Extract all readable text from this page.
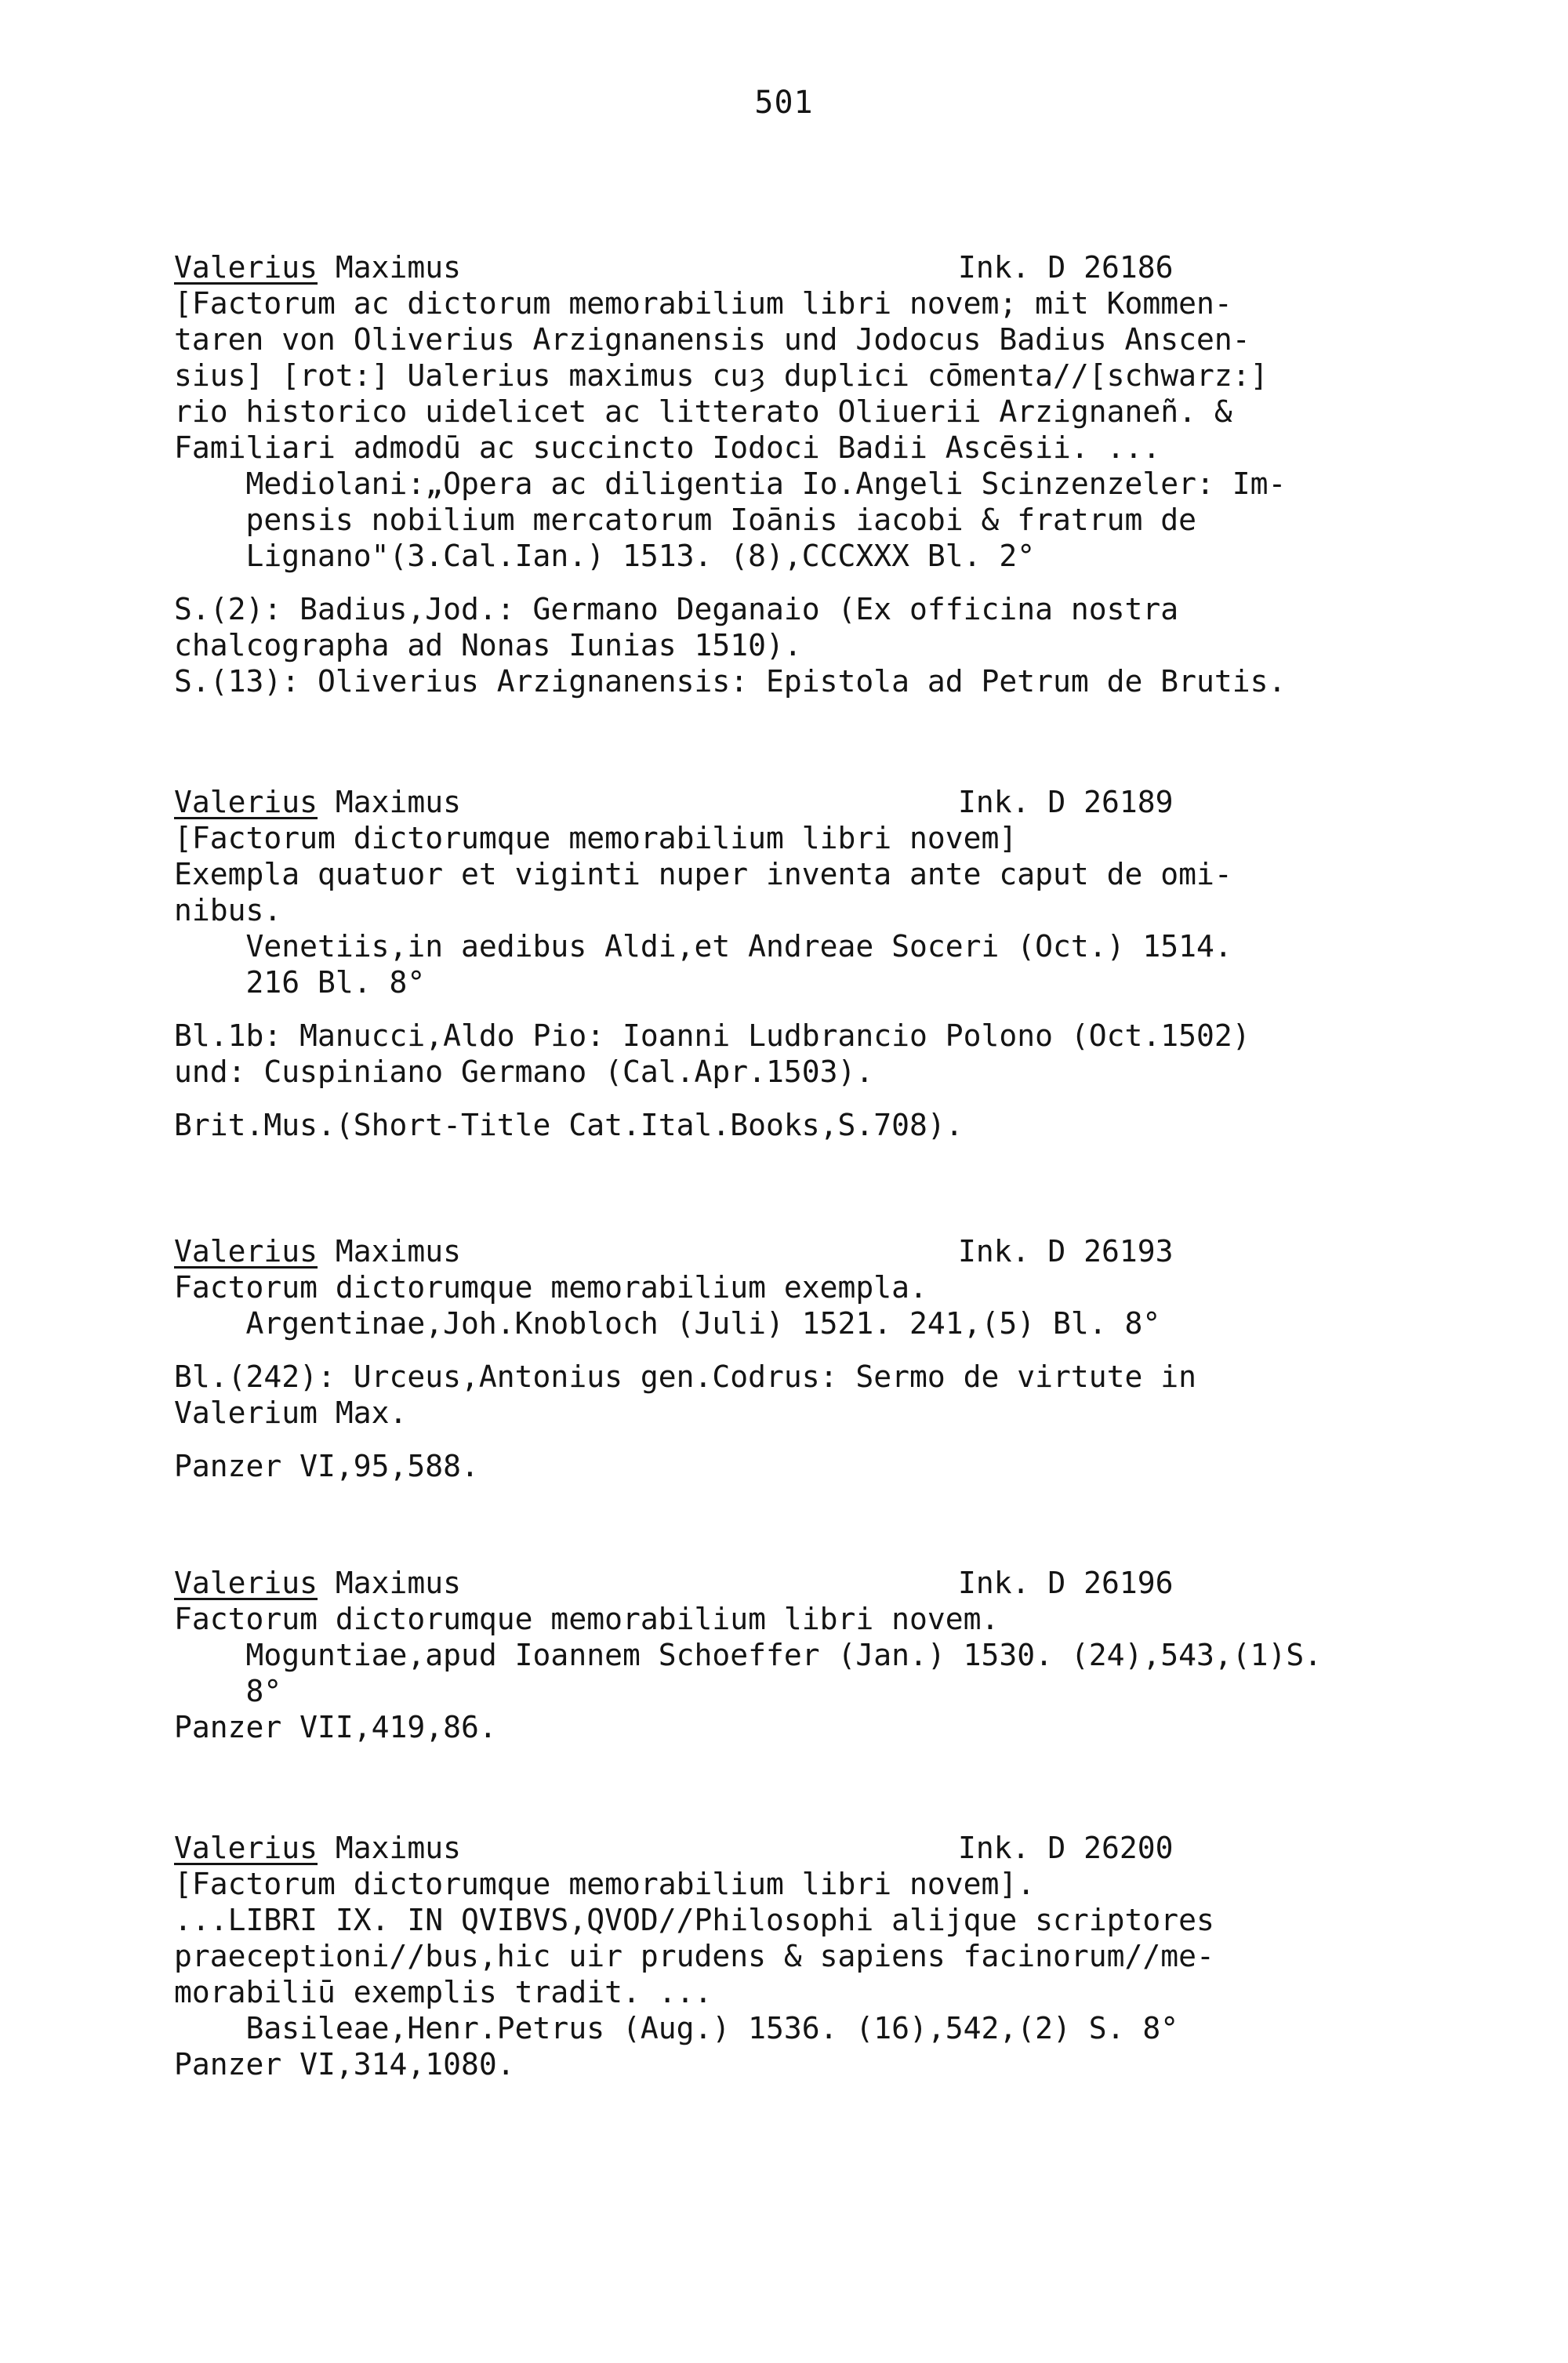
501
Valerius Maximus	Ink. D 26186
[Factorum ac dictorum memorabilium libri novem; mit Kommen-
taren von Oliverius Arzignanensis und Jodocus Badius Anscen-
sius] [rot:] Ualerius maximus cuȝ duplici cōmenta//[schwarz:]
rio historico uidelicet ac litterato Oliuerii Arzignaneñ. &
Familiari admodū ac succincto Iodoci Badii Ascēsii. ...
Mediolani:„Opera ac diligentia Io.Angeli Scinzenzeler: Im-
pensis nobilium mercatorum Ioānis iacobi & fratrum de
Lignano"(3.Cal.Ian.) 1513. (8),CCCXXX Bl. 2°
S.(2): Badius,Jod.: Germano Deganaio (Ex officina nostra
chalcographa ad Nonas Iunias 1510).
S.(13): Oliverius Arzignanensis: Epistola ad Petrum de Brutis.
Valerius Maximus	Ink. D 26189
[Factorum dictorumque memorabilium libri novem]
Exempla quatuor et viginti nuper inventa ante caput de omi-
nibus.
Venetiis,in aedibus Aldi,et Andreae Soceri (Oct.) 1514.
216 Bl. 8°
Bl.1b: Manucci,Aldo Pio: Ioanni Ludbrancio Polono (Oct.1502)
und: Cuspiniano Germano (Cal.Apr.1503).
Brit.Mus.(Short-Title Cat.Ital.Books,S.708).
Valerius Maximus	Ink. D 26193
Factorum dictorumque memorabilium exempla.
Argentinae,Joh.Knobloch (Juli) 1521. 241,(5) Bl. 8°
Bl.(242): Urceus,Antonius gen.Codrus: Sermo de virtute in
Valerium Max.
Panzer VI,95,588.
Valerius Maximus	Ink. D 26196
Factorum dictorumque memorabilium libri novem.
Moguntiae,apud Ioannem Schoeffer (Jan.) 1530. (24),543,(1)S.
8°
Panzer VII,419,86.
Valerius Maximus	Ink. D 26200
[Factorum dictorumque memorabilium libri novem].
...LIBRI IX. IN QVIBVS,QVOD//Philosophi alijque scriptores
praeceptioni//bus,hic uir prudens & sapiens facinorum//me-
morabiliū exemplis tradit. ...
Basileae,Henr.Petrus (Aug.) 1536. (16),542,(2) S. 8°
Panzer VI,314,1080.
